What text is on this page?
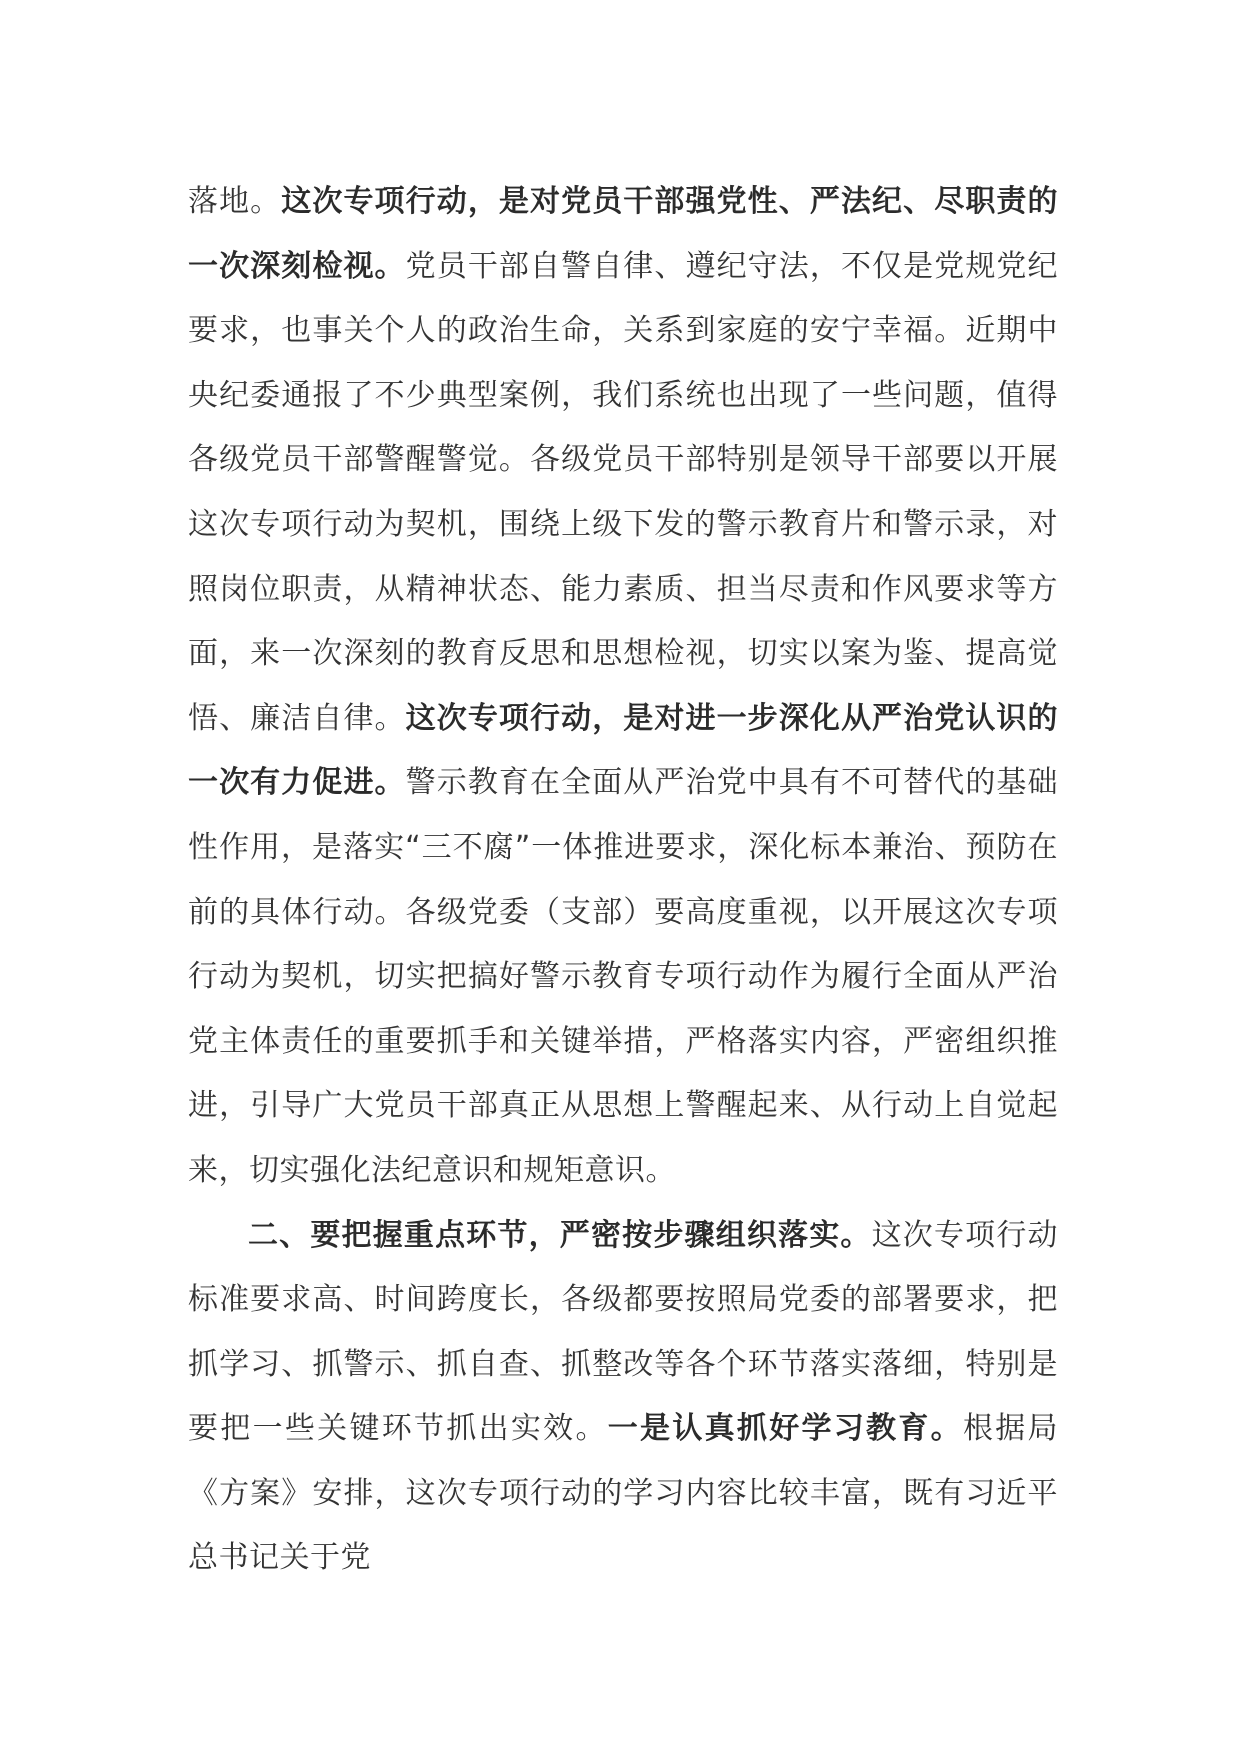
落地。这次专项行动，是对党员干部强党性、严法纪、尽职责的一次深刻检视。党员干部自警自律、遵纪守法，不仅是党规党纪要求，也事关个人的政治生命，关系到家庭的安宁幸福。近期中央纪委通报了不少典型案例，我们系统也出现了一些问题，值得各级党员干部警醒警觉。各级党员干部特别是领导干部要以开展这次专项行动为契机，围绕上级下发的警示教育片和警示录，对照岗位职责，从精神状态、能力素质、担当尽责和作风要求等方面，来一次深刻的教育反思和思想检视，切实以案为鉴、提高觉悟、廉洁自律。这次专项行动，是对进一步深化从严治党认识的一次有力促进。警示教育在全面从严治党中具有不可替代的基础性作用，是落实“三不腐”一体推进要求，深化标本兼治、预防在前的具体行动。各级党委（支部）要高度重视，以开展这次专项行动为契机，切实把搞好警示教育专项行动作为履行全面从严治党主体责任的重要抓手和关键举措，严格落实内容，严密组织推进，引导广大党员干部真正从思想上警醒起来、从行动上自觉起来，切实强化法纪意识和规矩意识。

二、要把握重点环节，严密按步骤组织落实。这次专项行动标准要求高、时间跨度长，各级都要按照局党委的部署要求，把抓学习、抓警示、抓自查、抓整改等各个环节落实落细，特别是要把一些关键环节抓出实效。一是认真抓好学习教育。根据局《方案》安排，这次专项行动的学习内容比较丰富，既有习近平总书记关于党
